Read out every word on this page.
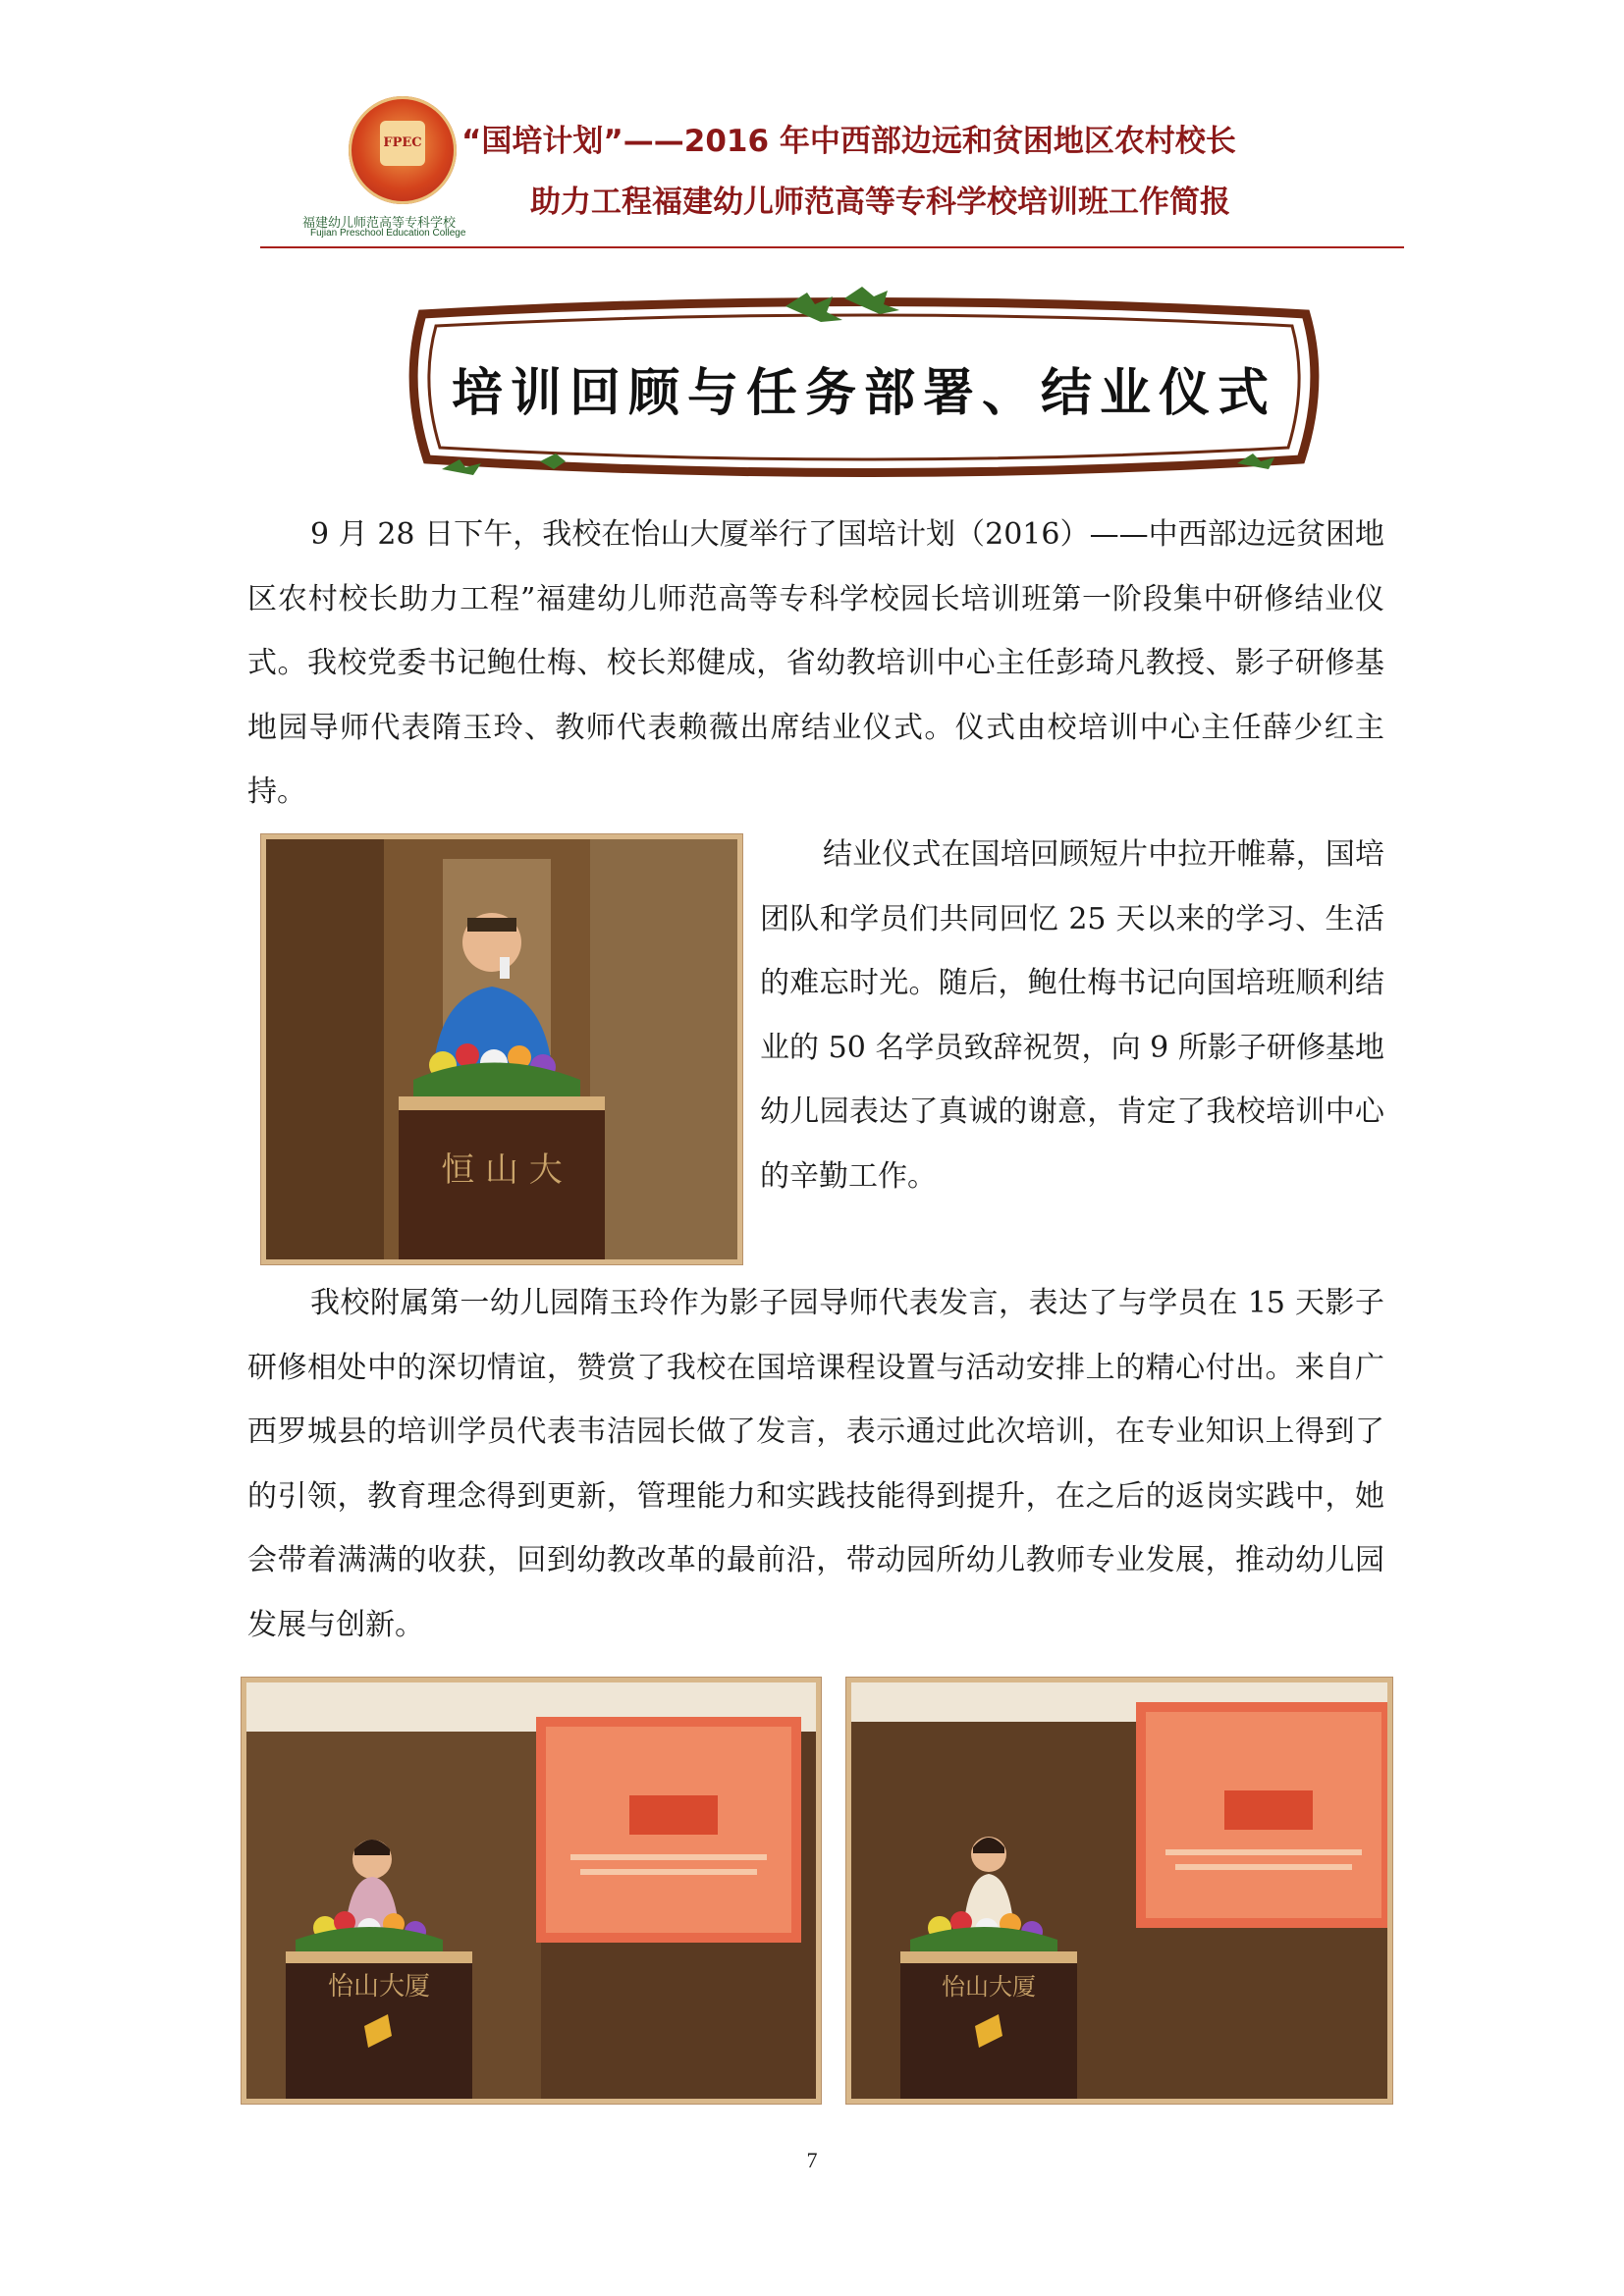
FPEC
福建幼儿师范高等专科学校
Fujian Preschool Education College
“国培计划”——2016 年中西部边远和贫困地区农村校长
助力工程福建幼儿师范高等专科学校培训班工作简报
培训回顾与任务部署、结业仪式
9 月 28 日下午，我校在怡山大厦举行了国培计划（2016）——中西部边远贫困地区农村校长助力工程”福建幼儿师范高等专科学校园长培训班第一阶段集中研修结业仪式。我校党委书记鲍仕梅、校长郑健成，省幼教培训中心主任彭琦凡教授、影子研修基地园导师代表隋玉玲、教师代表赖薇出席结业仪式。仪式由校培训中心主任薛少红主持。
结业仪式在国培回顾短片中拉开帷幕，国培团队和学员们共同回忆 25 天以来的学习、生活的难忘时光。随后，鲍仕梅书记向国培班顺利结业的 50 名学员致辞祝贺，向 9 所影子研修基地幼儿园表达了真诚的谢意，肯定了我校培训中心的辛勤工作。
我校附属第一幼儿园隋玉玲作为影子园导师代表发言，表达了与学员在 15 天影子研修相处中的深切情谊，赞赏了我校在国培课程设置与活动安排上的精心付出。来自广西罗城县的培训学员代表韦洁园长做了发言，表示通过此次培训，在专业知识上得到了的引领，教育理念得到更新，管理能力和实践技能得到提升，在之后的返岗实践中，她会带着满满的收获，回到幼教改革的最前沿，带动园所幼儿教师专业发展，推动幼儿园发展与创新。
恒 山 大
怡山大厦	怡山大厦
7
